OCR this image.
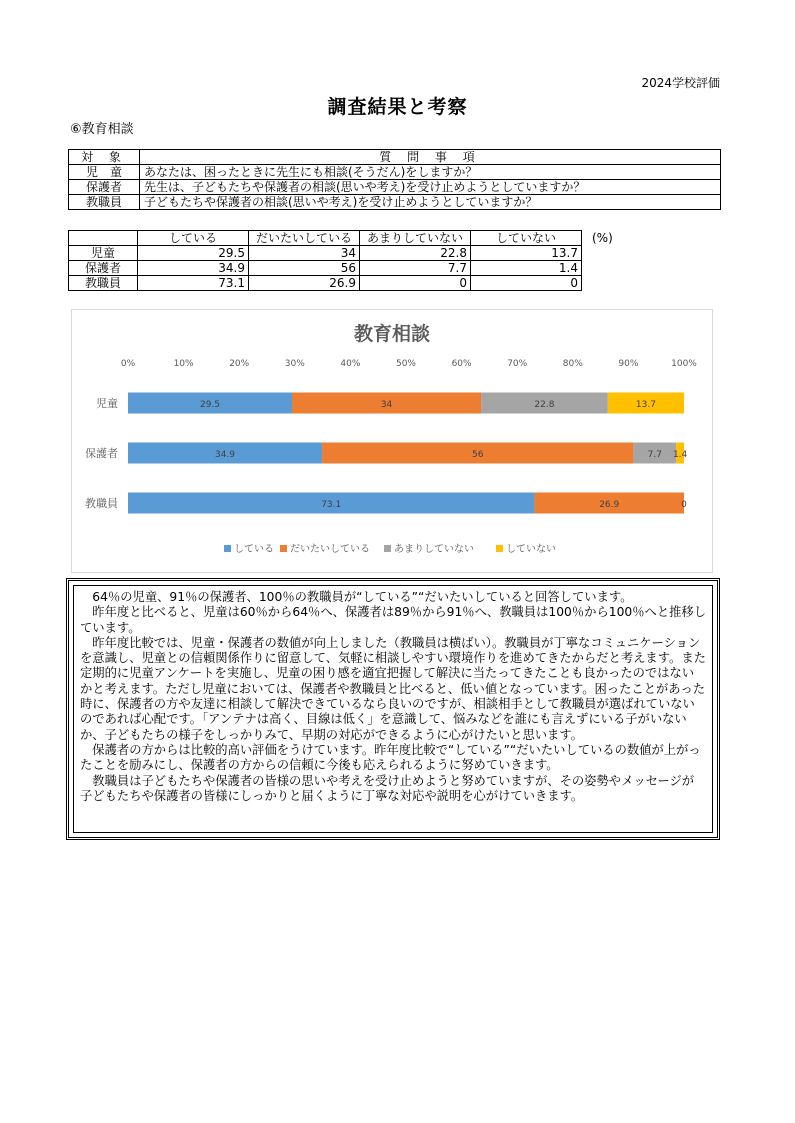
2024学校評価
調査結果と考察
⑥教育相談
対 象	質 問 事 項
児　童	あなたは、困ったときに先生にも相談(そうだん)をしますか？
保護者	先生は、子どもたちや保護者の相談(思いや考え)を受け止めようとしていますか？
教職員	子どもたちや保護者の相談(思いや考え)を受け止めようとしていますか？
	している	だいたいしている	あまりしていない	していない
児童	29.5	34	22.8	13.7
保護者	34.9	56	7.7	1.4
教職員	73.1	26.9	0	0
(%)
教育相談
0%	10%	20%	30%	40%	50%	60%	70%	80%	90%	100%
児童	29.5	34	22.8	13.7
保護者	34.9	56	7.7 1.4
教職員	73.1	26.9	0
している だいたいしている あまりしていない	していない

64％の児童、91％の保護者、100％の教職員が“している”“だいたいしていると回答しています。

昨年度と比べると、児童は60％から64％へ、保護者は89％から91％へ、教職員は100％から100％へと推移しています。

昨年度比較では、児童・保護者の数値が向上しました（教職員は横ばい）。教職員が丁寧なコミュニケーションを意識し、児童との信頼関係作りに留意して、気軽に相談しやすい環境作りを進めてきたからだと考えます。また定期的に児童アンケートを実施し、児童の困り感を適宜把握して解決に当たってきたことも良かったのではないかと考えます。ただし児童においては、保護者や教職員と比べると、低い値となっています。困ったことがあった時に、保護者の方や友達に相談して解決できているなら良いのですが、相談相手として教職員が選ばれていないのであれば心配です。「アンテナは高く、目線は低く」を意識して、悩みなどを誰にも言えずにいる子がいないか、子どもたちの様子をしっかりみて、早期の対応ができるように心がけたいと思います。

保護者の方からは比較的高い評価をうけています。昨年度比較で“している”“だいたいしているの数値が上がったことを励みにし、保護者の方からの信頼に今後も応えられるように努めていきます。

教職員は子どもたちや保護者の皆様の思いや考えを受け止めようと努めていますが、その姿勢やメッセージが子どもたちや保護者の皆様にしっかりと届くように丁寧な対応や説明を心がけていきます。
